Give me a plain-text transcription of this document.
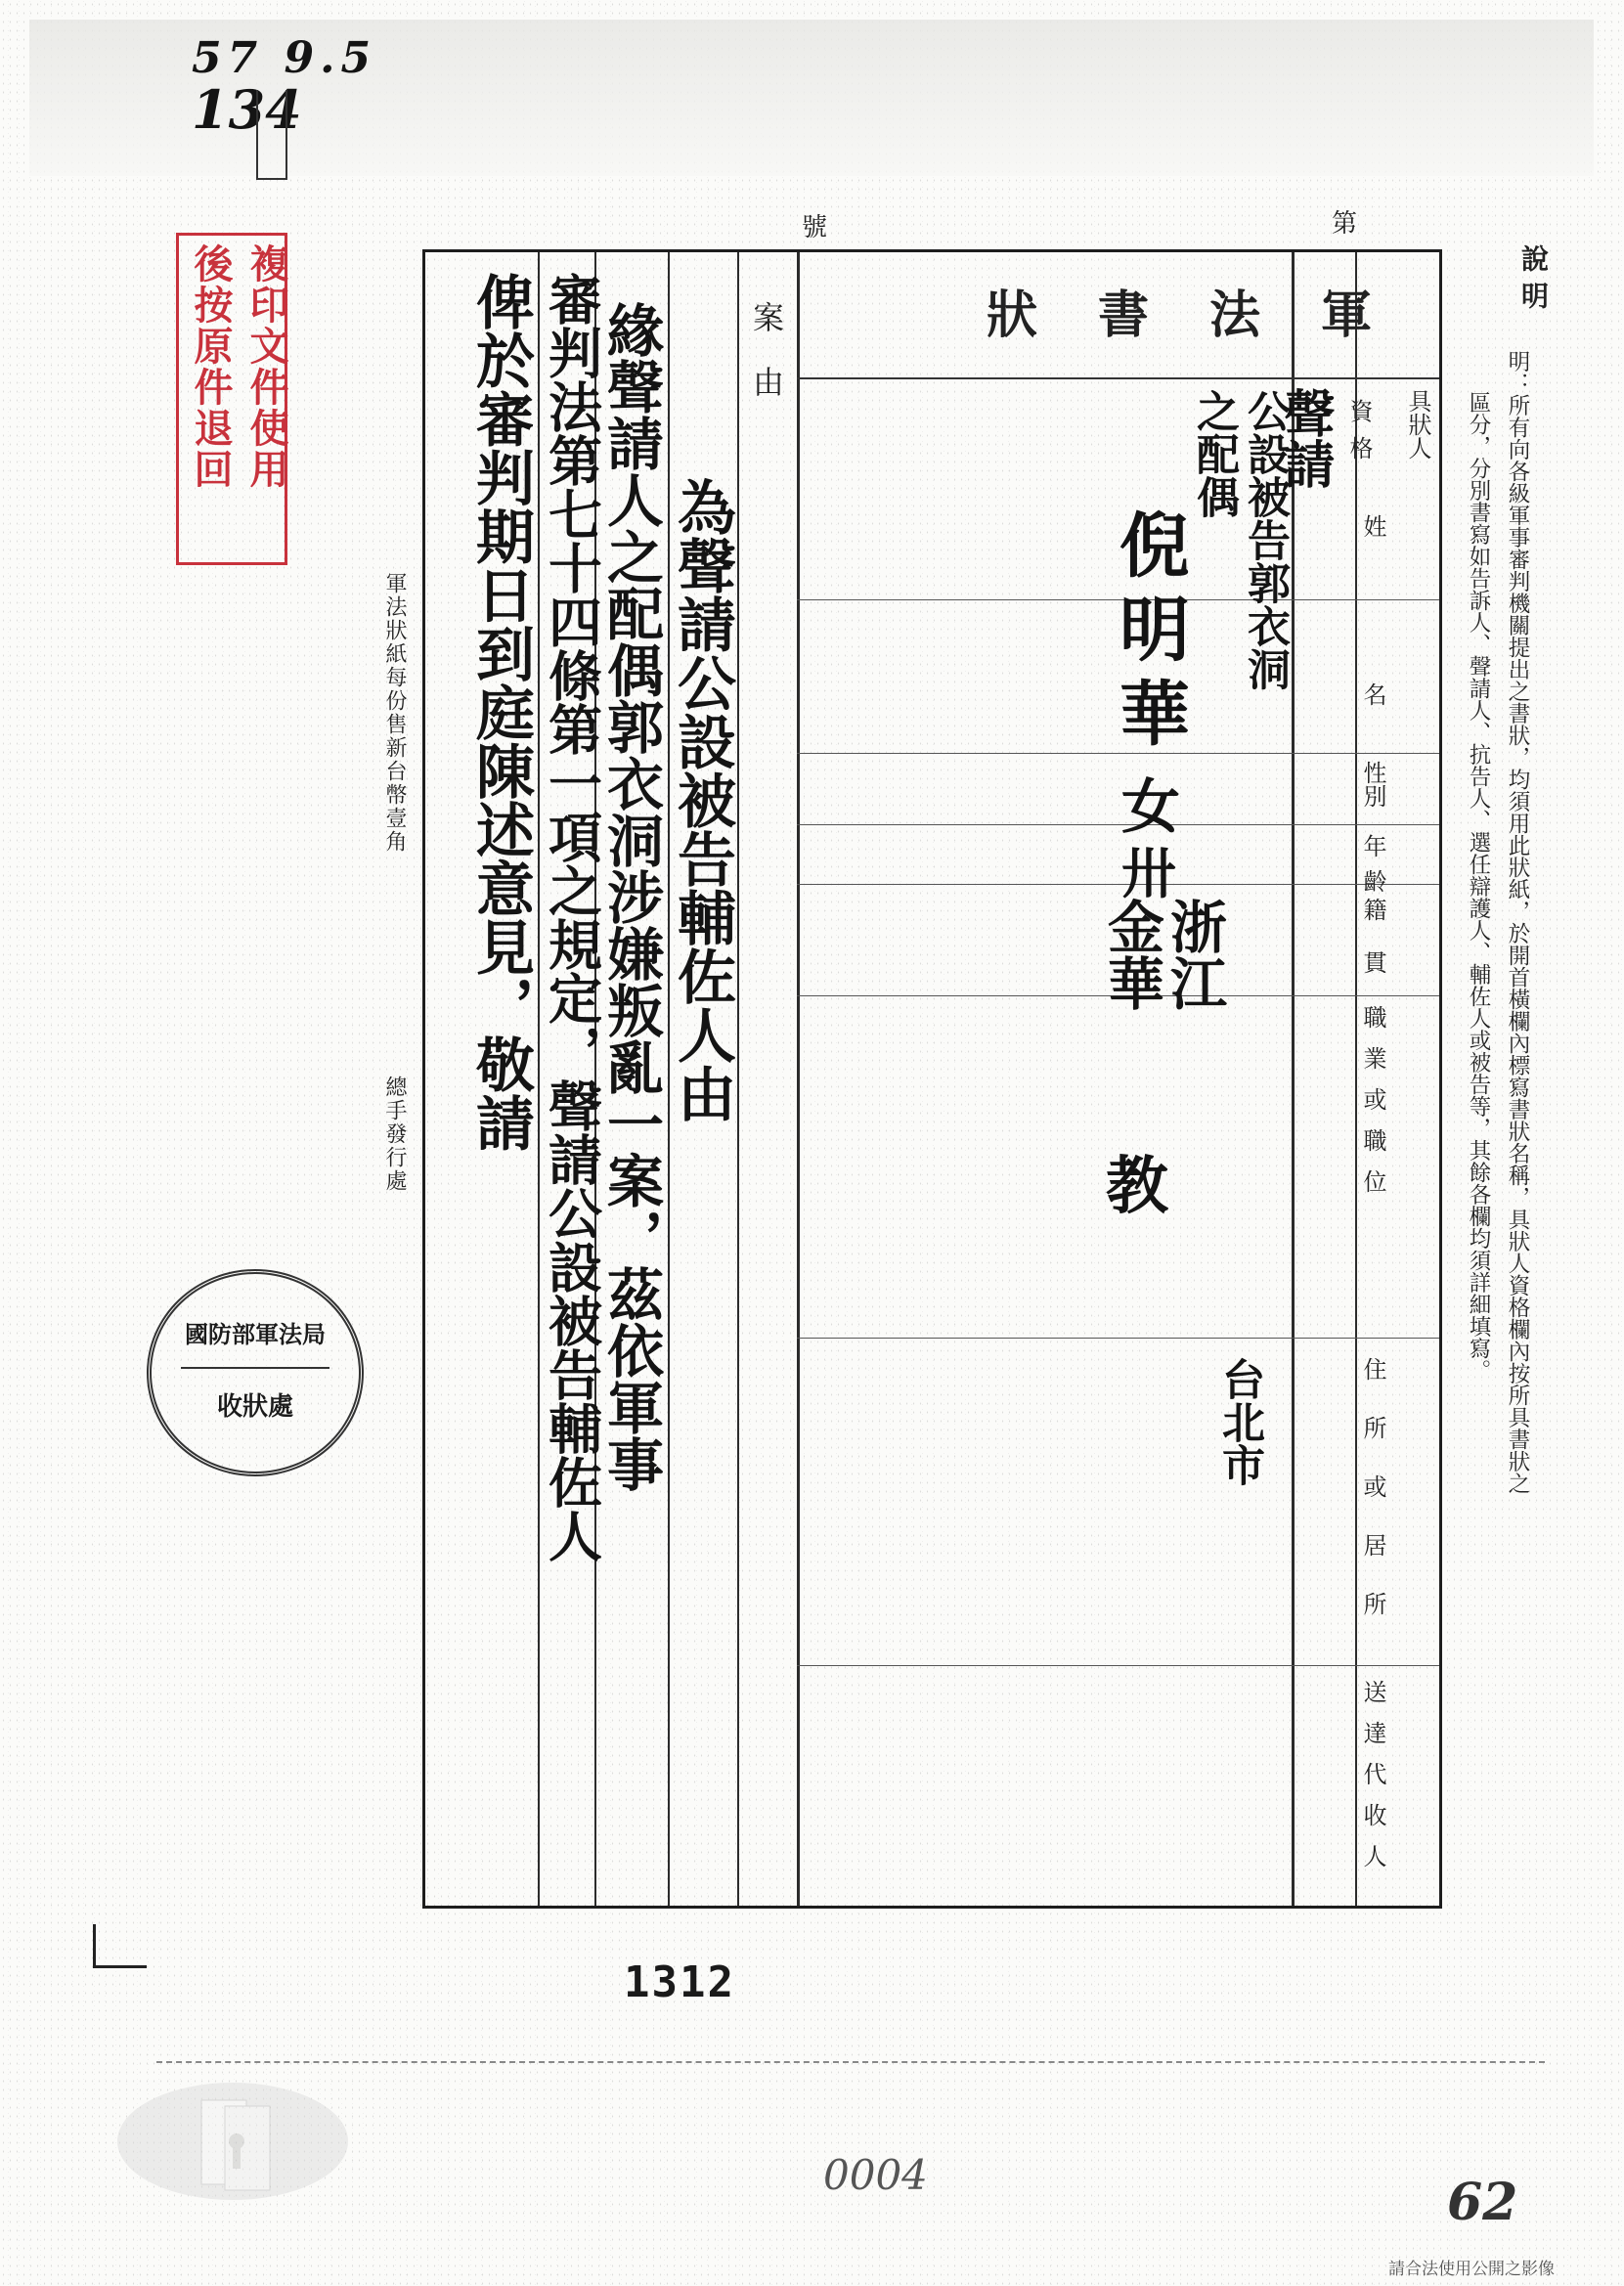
57 9.5
134
號	第
複印文件使用
後按原件退回
軍法狀紙每份售新台幣壹角
總手發行處
國防部軍法局
收狀處
說明
明：所有向各級軍事審判機關提出之書狀，均須用此狀紙，於開首橫欄內標寫書狀名稱，具狀人資格欄內按所具書狀之
區分，分別書寫如告訴人、聲請人、抗告人、選任辯護人、輔佐人或被告等，其餘各欄均須詳細填寫。
軍法書狀
具狀人
資格
姓
名
性別
年齡
籍貫
職業或職位
住所或居所
送達代收人
聲請
公設被告郭衣洞之配偶
倪明華
女
卅
浙江金華
教
台北市
案由
為聲請公設被告輔佐人由
緣聲請人之配偶郭衣洞涉嫌叛亂一案，茲依軍事
審判法第七十四條第一項之規定，聲請公設被告輔佐人
俾於審判期日到庭陳述意見，敬請
1312
0004	62
請合法使用公開之影像
